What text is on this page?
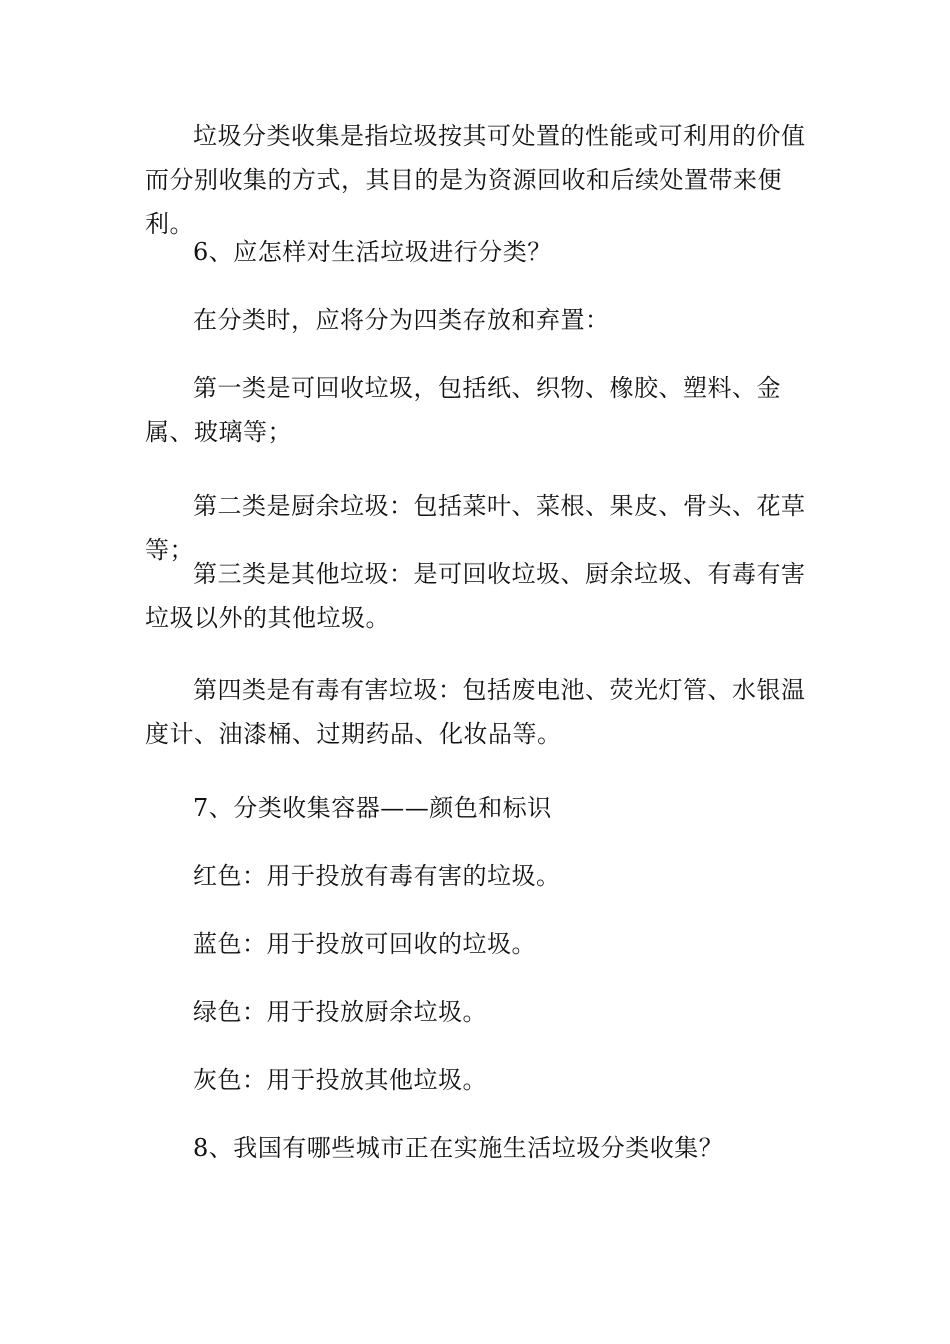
垃圾分类收集是指垃圾按其可处置的性能或可利用的价值而分别收集的方式，其目的是为资源回收和后续处置带来便利。

6、应怎样对生活垃圾进行分类？

在分类时，应将分为四类存放和弃置：

第一类是可回收垃圾，包括纸、织物、橡胶、塑料、金属、玻璃等；

第二类是厨余垃圾：包括菜叶、菜根、果皮、骨头、花草等；

第三类是其他垃圾：是可回收垃圾、厨余垃圾、有毒有害垃圾以外的其他垃圾。

第四类是有毒有害垃圾：包括废电池、荧光灯管、水银温度计、油漆桶、过期药品、化妆品等。

7、分类收集容器——颜色和标识

红色：用于投放有毒有害的垃圾。

蓝色：用于投放可回收的垃圾。

绿色：用于投放厨余垃圾。

灰色：用于投放其他垃圾。

8、我国有哪些城市正在实施生活垃圾分类收集？
